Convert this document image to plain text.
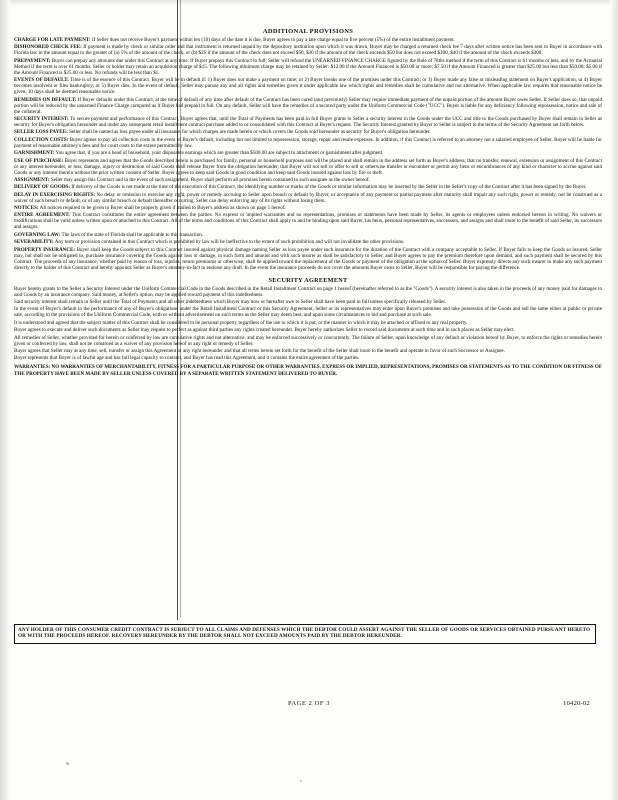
ADDITIONAL PROVISIONS

CHARGE FOR LATE PAYMENT: If Seller does not receive Buyer's payment within ten (10) days of the date it is due, Buyer agrees to pay a late charge equal to five percent (5%) of the entire installment payment.

DISHONORED CHECK FEE: If payment is made by check or similar order and that instrument is returned unpaid by the depository institution upon which it was drawn, Buyer may be charged a returned check fee 7 days after written notice has been sent to Buyer in accordance with Florida law in the amount equal to the greater of (a) 5% of the amount of the check, or (b) $25 if the amount of the check does not exceed $50, $30 if the amount of the check exceeds $50 but does not exceed $300, $40 if the amount of the check exceeds $300.

PREPAYMENT: Buyer can prepay any amounts due under this Contract at any time. If Buyer prepays this Contract in full, Seller will refund the UNEARNED FINANCE CHARGE figured by the Rule of 78ths method if the term of this Contract is 61 months or less, and by the Actuarial Method if the term is over 61 months. Seller or holder may retain an acquisition charge of $15. The following minimum charge may be retained by Seller: $12.00 if the Amount Financed is $50.00 or more; $7.50 if the Amount Financed is greater than $25.00 but less than $50.00; $5.00 if the Amount Financed is $25.00 or less. No refunds will be less than $1.

EVENTS OF DEFAULT: Time is of the essence of this Contract. Buyer will be in default if: 1) Buyer does not make a payment on time; or 2) Buyer breaks one of the promises under this Contract; or 3) Buyer made any false or misleading statement on Buyer's application, or 4) Buyer becomes insolvent or files bankruptcy; or 5) Buyer dies. In the event of default, Seller may pursue any and all rights and remedies given it under applicable law which rights and remedies shall be cumulative and not alternative. When applicable law requires that reasonable notice be given, 10 days shall be deemed reasonable notice.

REMEDIES ON DEFAULT: If Buyer defaults under this Contract, at the time of default of any time after default of the Contract has been cured (and previously) Seller may require immediate payment of the unpaid portion of the amount Buyer owes Seller. If Seller does so, that unpaid portion will be reduced by the unearned Finance Charge computed as if Buyer had prepaid in full. On any default, Seller will have the remedies of a secured party under the Uniform Commercial Code ("UCC"). Buyer is liable for any deficiency following repossession, notice and sale of the collateral.

SECURITY INTEREST: To secure payment and performance of this Contract, Buyer agrees that, until the Total of Payments has been paid in full Buyer grants to Seller a security interest in the Goods under the UCC and title to the Goods purchased by Buyer shall remain in Seller as security for Buyer's obligation hereunder and under any subsequent retail installment contract purchase added to or consolidated with this Contract at Buyer's request. The Security Interest granted by Buyer to Seller is subject to the terms of the Security Agreement set forth below.

SELLER LOSS PAYEE: Seller shall be named as loss payee under all insurance for which charges are made herein or which covers the Goods sold hereunder as security for Buyer's obligation hereunder.

COLLECTION COSTS: Buyer agrees to pay all collection costs in the event of Buyer's default, including but not limited to repossession, storage, repair and resale expenses. In addition, if this Contract is referred to an attorney not a salaried employee of Seller, Buyer will be liable for payment of reasonable attorney's fees and for court costs to the extent permitted by law.

GARNISHMENT: You agree that, if you are a head of household, your disposable earnings which are greater than $500.00 are subject to attachment or garnishment after judgment.

USE OF PURCHASE: Buyer represents and agrees that the Goods described herein is purchased for family, personal or household purposes and will be placed and shall remain in the address set forth as Buyer's address, that no transfer, renewal, extension or assignment of this Contract or any interest hereunder, or loss, damage, injury or destruction of said Goods shall release Buyer from the obligation hereunder, that Buyer will not sell or offer to sell or otherwise transfer or encumber or permit any liens or encumbrances of any kind or character to accrue against said Goods or any interest therein without the prior written consent of Seller. Buyer agrees to keep said Goods in good condition and keep said Goods insured against loss by fire or theft.

ASSIGNMENT: Seller may assign this Contract and in the event of such assignment, Buyer shall perform all promises herein contained to such assignee as the owner hereof.

DELIVERY OF GOODS: If delivery of the Goods is not made at the time of the execution of this Contract, the identifying number or marks of the Goods or similar information may be inserted by the Seller in the Seller's copy of the Contract after it has been signed by the Buyer.

DELAY IN EXERCISING RIGHTS: No delay or omission to exercise any right, power or remedy accruing to Seller upon breach or default by Buyer, or acceptance of any payment or partial payment after maturity shall impair any such right, power or remedy, nor be construed as a waiver of such breach or default, or of any similar breach or default thereafter occurring. Seller can delay enforcing any of its rights without losing them.

NOTICES: All notices required to be given to Buyer shall be properly given if mailed to Buyer's address as shown on page 1 hereof.

ENTIRE AGREEMENT: This Contract constitutes the entire agreement between the parties. No express or implied warranties and no representations, promises or statements have been made by Seller, its agents or employees unless endorsed hereon in writing. No waivers or modifications shall be valid unless written upon or attached to this Contract. All of the terms and conditions of this Contract shall apply to and be binding upon said Buyer, his heirs, personal representatives, successors, and assigns and shall inure to the benefit of said Seller, its successors and assigns.

GOVERNING LAW: The laws of the state of Florida shall be applicable to this transaction.

SEVERABILITY: Any term or provision contained in this Contract which is prohibited by law will be ineffective to the extent of such prohibition and will not invalidate the other provisions.

PROPERTY INSURANCE: Buyer shall keep the Goods subject to this Contract insured against physical damage naming Seller as loss payee under such insurance for the duration of the Contract with a company acceptable to Seller. If Buyer fails to keep the Goods so insured, Seller may, but shall not be obligated to, purchase insurance covering the Goods against loss or damage, in such form and amount and with such insurer as shall be satisfactory to Seller, and Buyer agrees to pay the premium therefore upon demand, and such payment shall be secured by this Contract. The proceeds of any insurance, whether paid by reason of loss, injuries, return premiums or otherwise, shall be applied toward the replacement of the Goods or payment of the obligation at the option of Seller. Buyer expressly directs any such insurer to make any such payment directly to the holder of this Contract and hereby appoints Seller as Buyer's attorney-in-fact to endorse any draft. In the event the insurance proceeds do not cover the amounts Buyer owes to Seller, Buyer will be responsible for paying the difference.

SECURITY AGREEMENT

Buyer hereby grants to the Seller a Security Interest under the Uniform Commercial Code in the Goods described in the Retail Installment Contract on page 1 hereof (hereinafter referred to as the "Goods"). A security interest is also taken in the proceeds of any money paid for damages to said Goods by an insurance company. Said money, at Seller's option, may be applied toward payment of this indebtedness.

Said security interest shall remain in Seller until the Total of Payments and all other indebtedness which Buyer may now or hereafter owe to Seller shall have been paid in full unless specifically released by Seller.

In the event of Buyer's default in the performance of any of Buyer's obligations under the Retail Installment Contract or this Security Agreement, Seller or its representatives may enter upon Buyer's premises and take possession of the Goods and sell the same either at public or private sale, according to the provisions of the Uniform Commercial Code, with or without advertisement on such terms as the Seller may deem best, and upon some circumstances to bid and purchase at such sale.

It is understood and agreed that the subject matter of this Contract shall be considered to be personal property regardless of the use to which it is put, or the manner in which it may be attached or affixed to any real property.

Buyer agrees to execute and deliver such documents as Seller may request to perfect as against third parties any rights created hereunder. Buyer hereby authorizes Seller to record said documents at such time and in such places as Seller may elect.

All remedies of Seller, whether provided for herein or conferred by law are cumulative rights and not alternative, and may be enforced successively or concurrently. The failure of Seller, upon knowledge of any default or violation hereof by Buyer, to enforce the rights or remedies herein given or conferred by law, shall not be construed as a waiver of any provision hereof or any right or remedy of Seller.

Buyer agrees that Seller may at any time, sell, transfer or assign this Agreement or any right hereunder and that all terms herein set forth for the benefit of the Seller shall inure to the benefit and operate in favor of such Successor or Assignee.

Buyer represents that Buyer is of lawful age and has full legal capacity to contract, and Buyer has read this Agreement, and it contains the entire agreement of the parties.

WARRANTIES: NO WARRANTIES OF MERCHANTABILITY, FITNESS FOR A PARTICULAR PURPOSE OR OTHER WARRANTIES, EXPRESS OR IMPLIED, REPRESENTATIONS, PROMISES OR STATEMENTS AS TO THE CONDITION OR FITNESS OF THE PROPERTY HAVE BEEN MADE BY SELLER UNLESS COVERED BY A SEPARATE WRITTEN STATEMENT DELIVERED TO BUYER.

ANY HOLDER OF THIS CONSUMER CREDIT CONTRACT IS SUBJECT TO ALL CLAIMS AND DEFENSES WHICH THE DEBTOR COULD ASSERT AGAINST THE SELLER OF GOODS OR SERVICES OBTAINED PURSUANT HERETO OR WITH THE PROCEEDS HEREOF. RECOVERY HEREUNDER BY THE DEBTOR SHALL NOT EXCEED AMOUNTS PAID BY THE DEBTOR HEREUNDER.

PAGE 2 OF 3	10420-02
